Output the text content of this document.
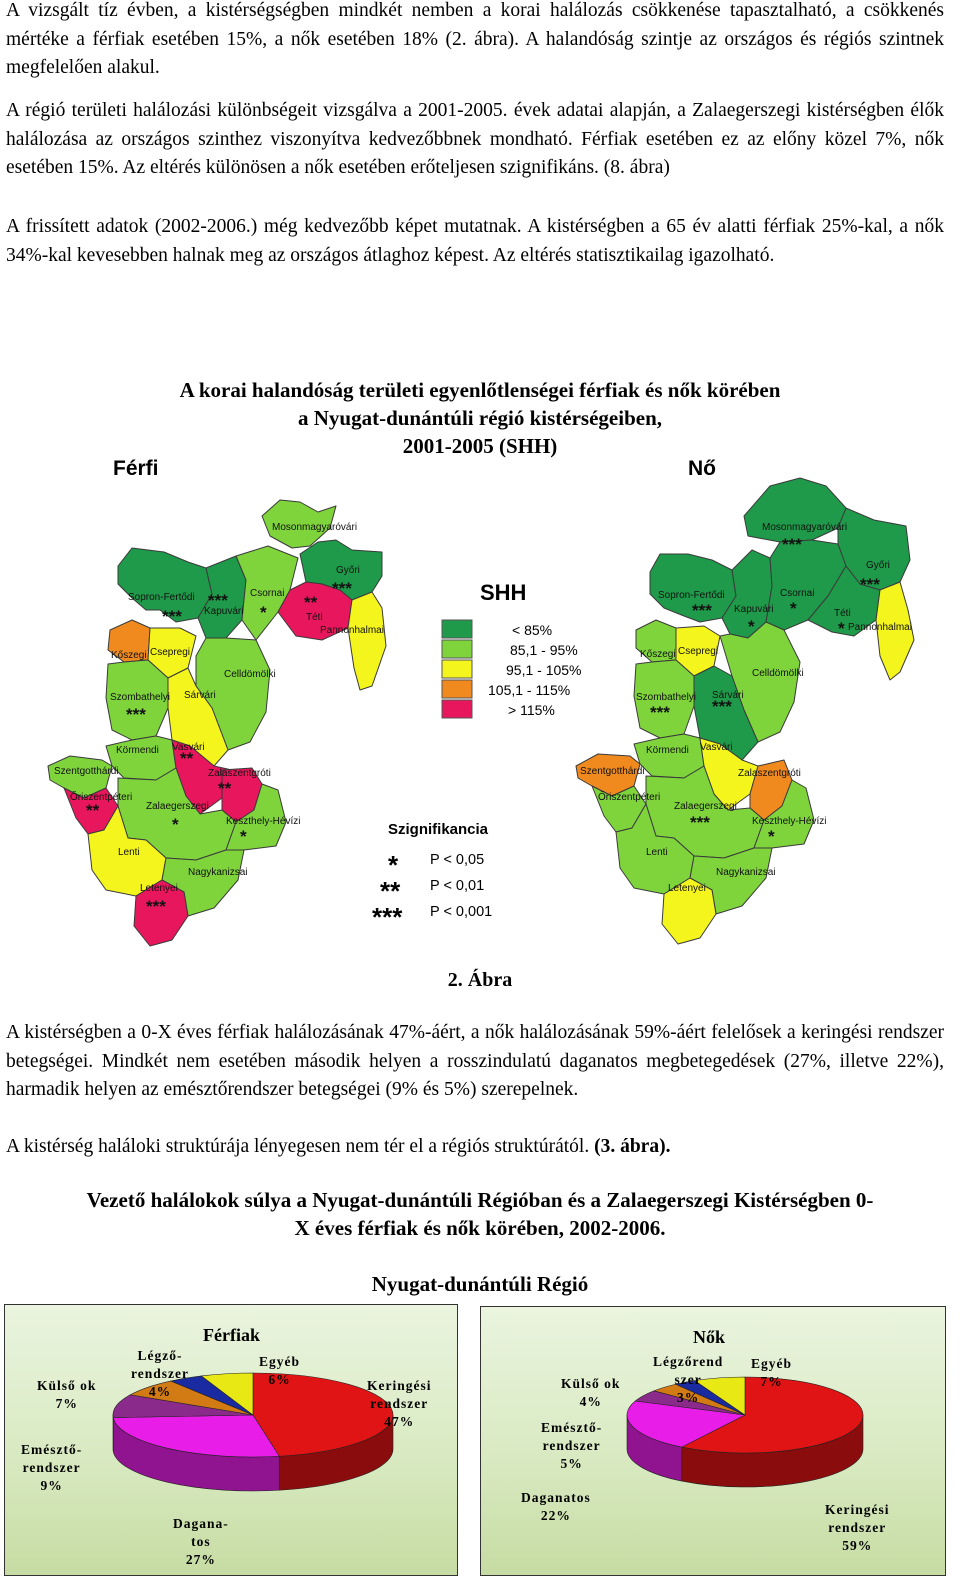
A vizsgált tíz évben, a kistérségségben mindkét nemben a korai halálozás csökkenése tapasztalható, a csökkenés mértéke a férfiak esetében 15%, a nők esetében 18% (2. ábra). A halandóság szintje az országos és régiós szintnek megfelelően alakul.

A régió területi halálozási különbségeit vizsgálva a 2001-2005. évek adatai alapján, a Zalaegerszegi kistérségben élők halálozása az országos szinthez viszonyítva kedvezőbbnek mondható. Férfiak esetében ez az előny közel 7%, nők esetében 15%. Az eltérés különösen a nők esetében erőteljesen szignifikáns. (8. ábra)

A frissített adatok (2002-2006.) még kedvezőbb képet mutatnak. A kistérségben a 65 év alatti férfiak 25%-kal, a nők 34%-kal kevesebben halnak meg az országos átlaghoz képest. Az eltérés statisztikailag igazolható.

A korai halandóság területi egyenlőtlenségei férfiak és nők körében

a Nyugat-dunántúli régió kistérségeiben,

2001-2005 (SHH)

Férfi	Nő
Mosonmagyaróvári
Győri
Sopron-Fertődi
Kapuvári
Csornai
Téti
Pannonhalmai
Kőszegi Csepregi
Celldömölki
Szombathelyi Sárvári
Körmendi Vasvári
Szentgotthárdi	Zalaszentgróti
Őriszentpéteri
Zalaegerszegi
Keszthely-Hévízi
Lenti
Nagykanizsai
Letenyei
***
***	*
***
**
***
**
**
**
*
*
***
SHH
< 85%
85,1 - 95%
95,1 - 105%
105,1 - 115%
> 115%
Szignifikancia
*
**
***
P < 0,05
P < 0,01
P < 0,001
Mosonmagyaróvári
Győri
Sopron-Fertődi
Kapuvári
Csornai
Téti
Pannonhalmai
Kőszegi Csepregi
Celldömölki
Szombathelyi Sárvári
Körmendi Vasvári
Szentgotthárdi	Zalaszentgróti
Őriszentpéteri
Zalaegerszegi
Keszthely-Hévízi
Lenti
Nagykanizsai
Letenyei
***
***
***
*
*
*
*** ***
***
*

2. Ábra

A kistérségben a 0-X éves férfiak halálozásának 47%-áért, a nők halálozásának 59%-áért felelősek a keringési rendszer betegségei. Mindkét nem esetében második helyen a rosszindulatú daganatos megbetegedések (27%, illetve 22%), harmadik helyen az emésztőrendszer betegségei (9% és 5%) szerepelnek.

A kistérség haláloki struktúrája lényegesen nem tér el a régiós struktúrától. (3. ábra).

Vezető halálokok súlya a Nyugat-dunántúli Régióban és a Zalaegerszegi Kistérségben 0-

X éves férfiak és nők körében, 2002-2006.

Nyugat-dunántúli Régió

Férfiak
Légző-
rendszer
4%
Egyéb
6%
Külső ok
7%
Keringési
rendszer
47%
Emésztő-
rendszer
9%
Dagana-
tos
27%
Nők
Légzőrend
szer
3%
Egyéb
7%
Külső ok
4%
Emésztő-
rendszer
5%
Daganatos
22%	Keringési
rendszer
59%
